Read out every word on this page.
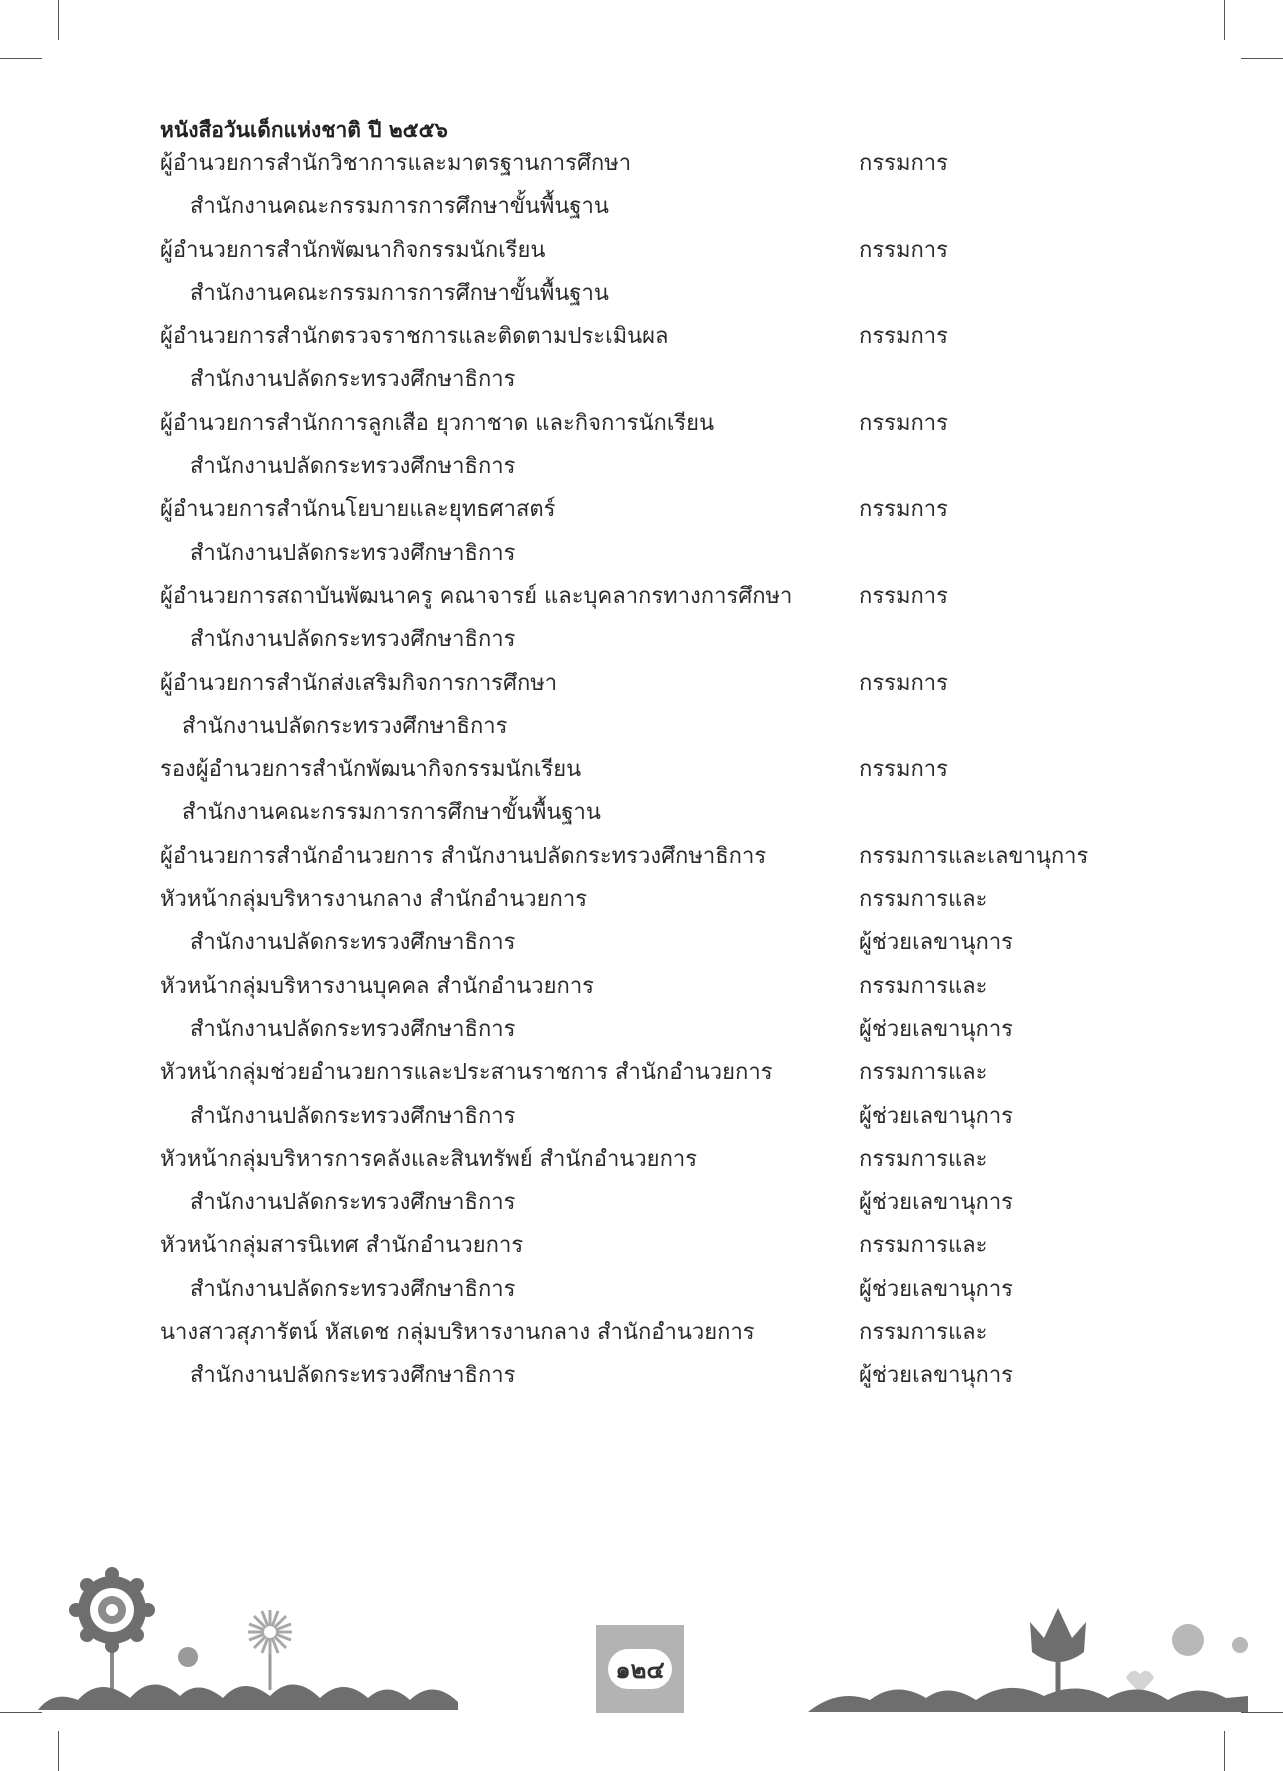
หนังสือวันเด็กแห่งชาติ ปี ๒๕๕๖
ผู้อำนวยการสำนักวิชาการและมาตรฐานการศึกษา	กรรมการ
สำนักงานคณะกรรมการการศึกษาขั้นพื้นฐาน
ผู้อำนวยการสำนักพัฒนากิจกรรมนักเรียน	กรรมการ
สำนักงานคณะกรรมการการศึกษาขั้นพื้นฐาน
ผู้อำนวยการสำนักตรวจราชการและติดตามประเมินผล	กรรมการ
สำนักงานปลัดกระทรวงศึกษาธิการ
ผู้อำนวยการสำนักการลูกเสือ ยุวกาชาด และกิจการนักเรียน	กรรมการ
สำนักงานปลัดกระทรวงศึกษาธิการ
ผู้อำนวยการสำนักนโยบายและยุทธศาสตร์	กรรมการ
สำนักงานปลัดกระทรวงศึกษาธิการ
ผู้อำนวยการสถาบันพัฒนาครู คณาจารย์ และบุคลากรทางการศึกษา	กรรมการ
สำนักงานปลัดกระทรวงศึกษาธิการ
ผู้อำนวยการสำนักส่งเสริมกิจการการศึกษา	กรรมการ
สำนักงานปลัดกระทรวงศึกษาธิการ
รองผู้อำนวยการสำนักพัฒนากิจกรรมนักเรียน	กรรมการ
สำนักงานคณะกรรมการการศึกษาขั้นพื้นฐาน
ผู้อำนวยการสำนักอำนวยการ สำนักงานปลัดกระทรวงศึกษาธิการ	กรรมการและเลขานุการ
หัวหน้ากลุ่มบริหารงานกลาง สำนักอำนวยการ	กรรมการและ
สำนักงานปลัดกระทรวงศึกษาธิการ	ผู้ช่วยเลขานุการ
หัวหน้ากลุ่มบริหารงานบุคคล สำนักอำนวยการ	กรรมการและ
สำนักงานปลัดกระทรวงศึกษาธิการ	ผู้ช่วยเลขานุการ
หัวหน้ากลุ่มช่วยอำนวยการและประสานราชการ สำนักอำนวยการ	กรรมการและ
สำนักงานปลัดกระทรวงศึกษาธิการ	ผู้ช่วยเลขานุการ
หัวหน้ากลุ่มบริหารการคลังและสินทรัพย์ สำนักอำนวยการ	กรรมการและ
สำนักงานปลัดกระทรวงศึกษาธิการ	ผู้ช่วยเลขานุการ
หัวหน้ากลุ่มสารนิเทศ สำนักอำนวยการ	กรรมการและ
สำนักงานปลัดกระทรวงศึกษาธิการ	ผู้ช่วยเลขานุการ
นางสาวสุภารัตน์ หัสเดช กลุ่มบริหารงานกลาง สำนักอำนวยการ	กรรมการและ
สำนักงานปลัดกระทรวงศึกษาธิการ	ผู้ช่วยเลขานุการ
๑๒๔
